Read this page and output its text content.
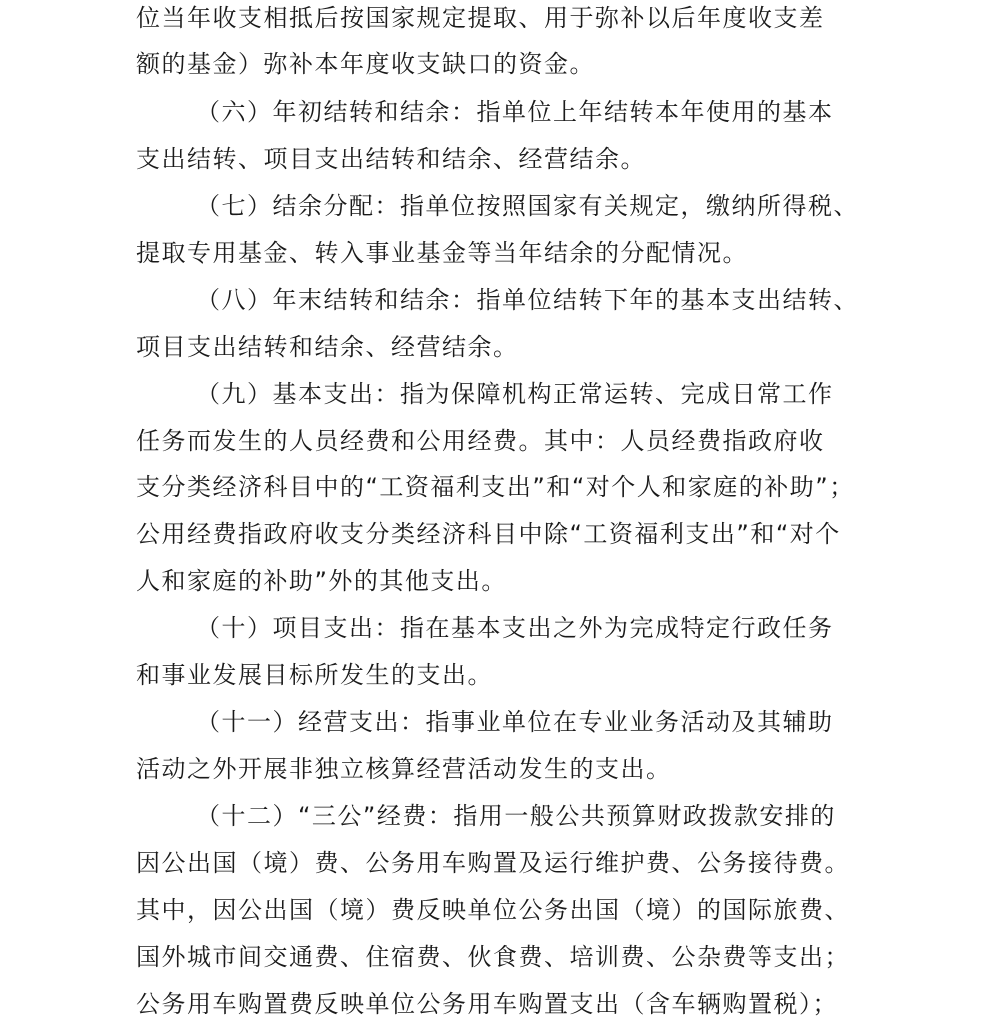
位当年收支相抵后按国家规定提取、用于弥补以后年度收支差
额的基金）弥补本年度收支缺口的资金。
（六）年初结转和结余：指单位上年结转本年使用的基本
支出结转、项目支出结转和结余、经营结余。
（七）结余分配：指单位按照国家有关规定，缴纳所得税、
提取专用基金、转入事业基金等当年结余的分配情况。
（八）年末结转和结余：指单位结转下年的基本支出结转、
项目支出结转和结余、经营结余。
（九）基本支出：指为保障机构正常运转、完成日常工作
任务而发生的人员经费和公用经费。其中：人员经费指政府收
支分类经济科目中的“工资福利支出”和“对个人和家庭的补助”；
公用经费指政府收支分类经济科目中除“工资福利支出”和“对个
人和家庭的补助”外的其他支出。
（十）项目支出：指在基本支出之外为完成特定行政任务
和事业发展目标所发生的支出。
（十一）经营支出：指事业单位在专业业务活动及其辅助
活动之外开展非独立核算经营活动发生的支出。
（十二）“三公”经费：指用一般公共预算财政拨款安排的
因公出国（境）费、公务用车购置及运行维护费、公务接待费。
其中，因公出国（境）费反映单位公务出国（境）的国际旅费、
国外城市间交通费、住宿费、伙食费、培训费、公杂费等支出；
公务用车购置费反映单位公务用车购置支出（含车辆购置税）；
